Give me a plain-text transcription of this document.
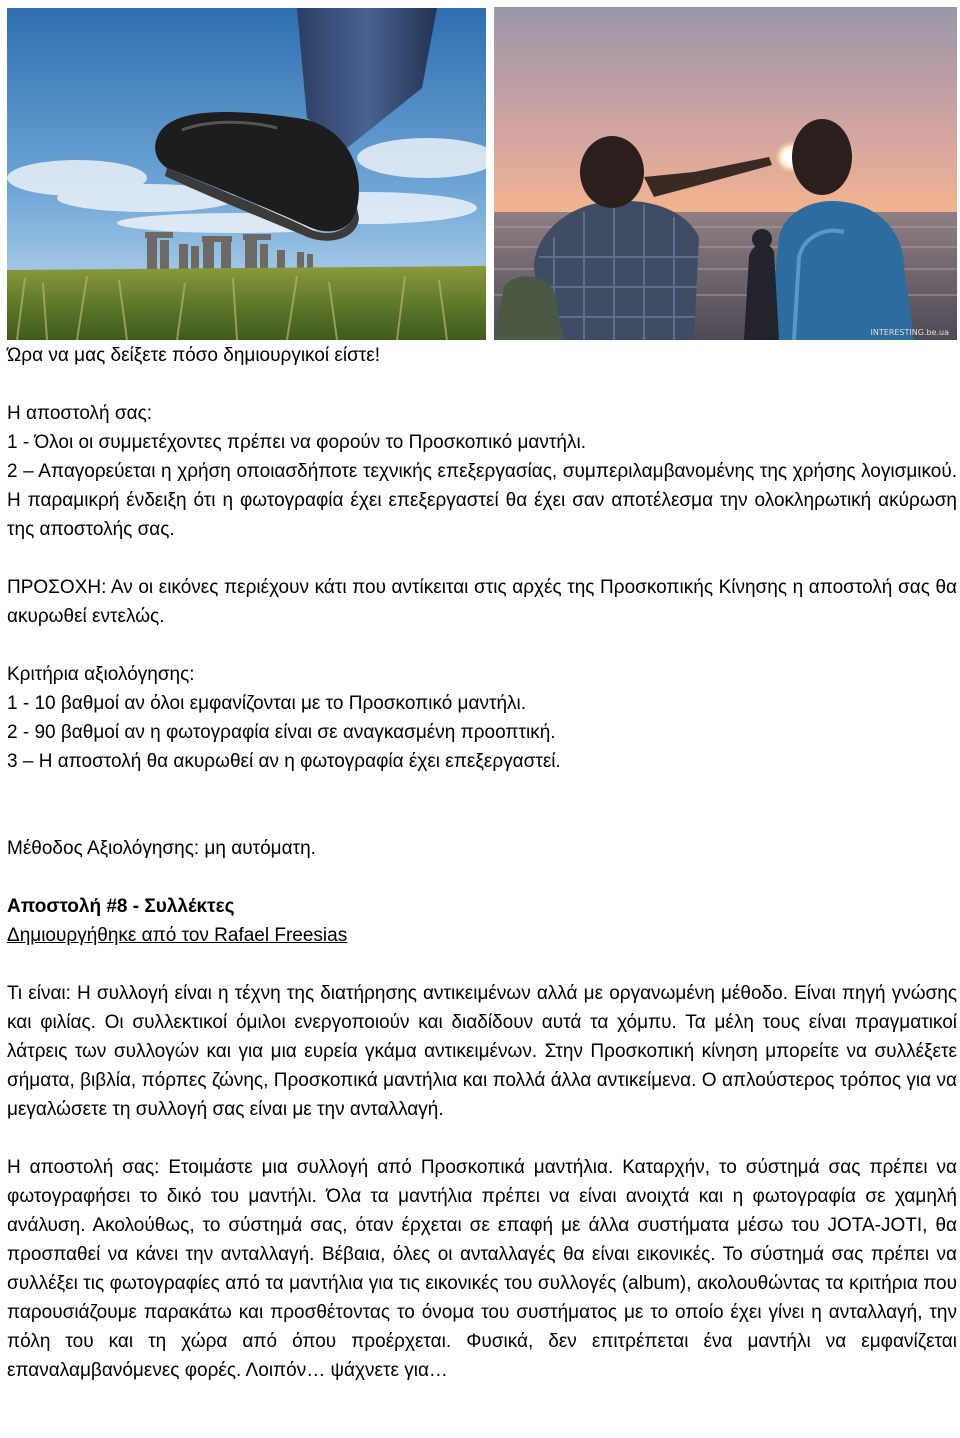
INTERESTING.be.ua

Ώρα να μας δείξετε πόσο δημιουργικοί είστε!

Η αποστολή σας:

1 - Όλοι οι συμμετέχοντες πρέπει να φορούν το Προσκοπικό μαντήλι.

2 – Απαγορεύεται η χρήση οποιασδήποτε τεχνικής επεξεργασίας, συμπεριλαμβανομένης της χρήσης λογισμικού. Η παραμικρή ένδειξη ότι η φωτογραφία έχει επεξεργαστεί θα έχει σαν αποτέλεσμα την ολοκληρωτική ακύρωση της αποστολής σας.

ΠΡΟΣΟΧΗ: Αν οι εικόνες περιέχουν κάτι που αντίκειται στις αρχές της Προσκοπικής Κίνησης η αποστολή σας θα ακυρωθεί εντελώς.

Κριτήρια αξιολόγησης:

1 - 10 βαθμοί αν όλοι εμφανίζονται με το Προσκοπικό μαντήλι.

2 - 90 βαθμοί αν η φωτογραφία είναι σε αναγκασμένη προοπτική.

3 – Η αποστολή θα ακυρωθεί αν η φωτογραφία έχει επεξεργαστεί.

Μέθοδος Αξιολόγησης: μη αυτόματη.

Αποστολή #8 - Συλλέκτες

Δημιουργήθηκε από τον Rafael Freesias

Τι είναι: Η συλλογή είναι η τέχνη της διατήρησης αντικειμένων αλλά με οργανωμένη μέθοδο. Είναι πηγή γνώσης και φιλίας. Οι συλλεκτικοί όμιλοι ενεργοποιούν και διαδίδουν αυτά τα χόμπυ. Τα μέλη τους είναι πραγματικοί λάτρεις των συλλογών και για μια ευρεία γκάμα αντικειμένων. Στην Προσκοπική κίνηση μπορείτε να συλλέξετε σήματα, βιβλία, πόρπες ζώνης, Προσκοπικά μαντήλια και πολλά άλλα αντικείμενα. Ο απλούστερος τρόπος για να μεγαλώσετε τη συλλογή σας είναι με την ανταλλαγή.

Η αποστολή σας: Ετοιμάστε μια συλλογή από Προσκοπικά μαντήλια. Καταρχήν, το σύστημά σας πρέπει να φωτογραφήσει το δικό του μαντήλι. Όλα τα μαντήλια πρέπει να είναι ανοιχτά και η φωτογραφία σε χαμηλή ανάλυση. Ακολούθως, το σύστημά σας, όταν έρχεται σε επαφή με άλλα συστήματα μέσω του JOTA-JOTI, θα προσπαθεί να κάνει την ανταλλαγή. Βέβαια, όλες οι ανταλλαγές θα είναι εικονικές. Το σύστημά σας πρέπει να συλλέξει τις φωτογραφίες από τα μαντήλια για τις εικονικές του συλλογές (album), ακολουθώντας τα κριτήρια που παρουσιάζουμε παρακάτω και προσθέτοντας το όνομα του συστήματος με το οποίο έχει γίνει η ανταλλαγή, την πόλη του και τη χώρα από όπου προέρχεται. Φυσικά, δεν επιτρέπεται ένα μαντήλι να εμφανίζεται επαναλαμβανόμενες φορές. Λοιπόν… ψάχνετε για…
